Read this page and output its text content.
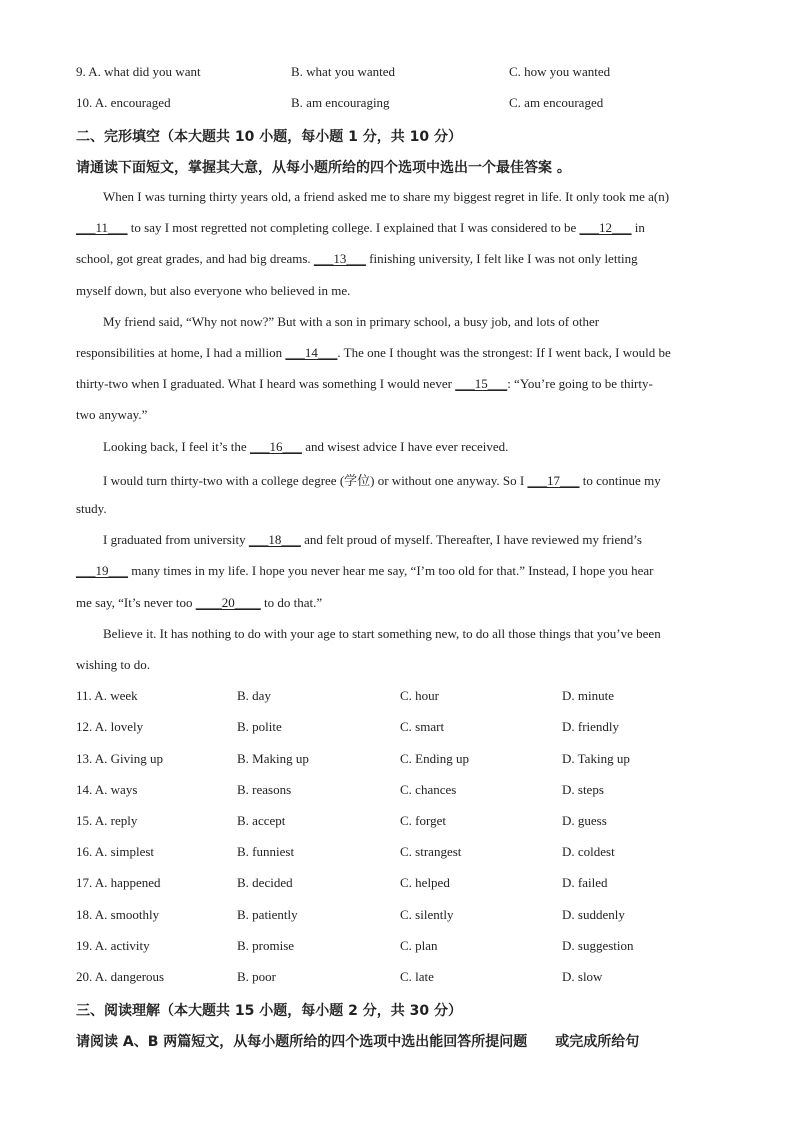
9. A. what did you want	B. what you wanted	C. how you wanted
10. A. encouraged	B. am encouraging	C. am encouraged
二、完形填空（本大题共 10 小题，每小题 1 分，共 10 分）
请通读下面短文，掌握其大意，从每小题所给的四个选项中选出一个最佳答案 。
When I was turning thirty years old, a friend asked me to share my biggest regret in life. It only took me a(n)
___11___ to say I most regretted not completing college. I explained that I was considered to be ___12___ in
school, got great grades, and had big dreams. ___13___ finishing university, I felt like I was not only letting
myself down, but also everyone who believed in me.
My friend said, “Why not now?” But with a son in primary school, a busy job, and lots of other
responsibilities at home, I had a million ___14___. The one I thought was the strongest: If I went back, I would be
thirty-two when I graduated. What I heard was something I would never ___15___: “You’re going to be thirty-
two anyway.”
Looking back, I feel it’s the ___16___ and wisest advice I have ever received.
I would turn thirty-two with a college degree (学位) or without one anyway. So I ___17___ to continue my
study.
I graduated from university ___18___ and felt proud of myself. Thereafter, I have reviewed my friend’s
___19___ many times in my life. I hope you never hear me say, “I’m too old for that.” Instead, I hope you hear
me say, “It’s never too ____20____ to do that.”
Believe it. It has nothing to do with your age to start something new, to do all those things that you’ve been
wishing to do.
11. A. week	B. day	C. hour	D. minute
12. A. lovely	B. polite	C. smart	D. friendly
13. A. Giving up	B. Making up	C. Ending up	D. Taking up
14. A. ways	B. reasons	C. chances	D. steps
15. A. reply	B. accept	C. forget	D. guess
16. A. simplest	B. funniest	C. strangest	D. coldest
17. A. happened	B. decided	C. helped	D. failed
18. A. smoothly	B. patiently	C. silently	D. suddenly
19. A. activity	B. promise	C. plan	D. suggestion
20. A. dangerous	B. poor	C. late	D. slow
三、阅读理解（本大题共 15 小题，每小题 2 分，共 30 分）
请阅读 A、B 两篇短文，从每小题所给的四个选项中选出能回答所提问题　　或完成所给句
